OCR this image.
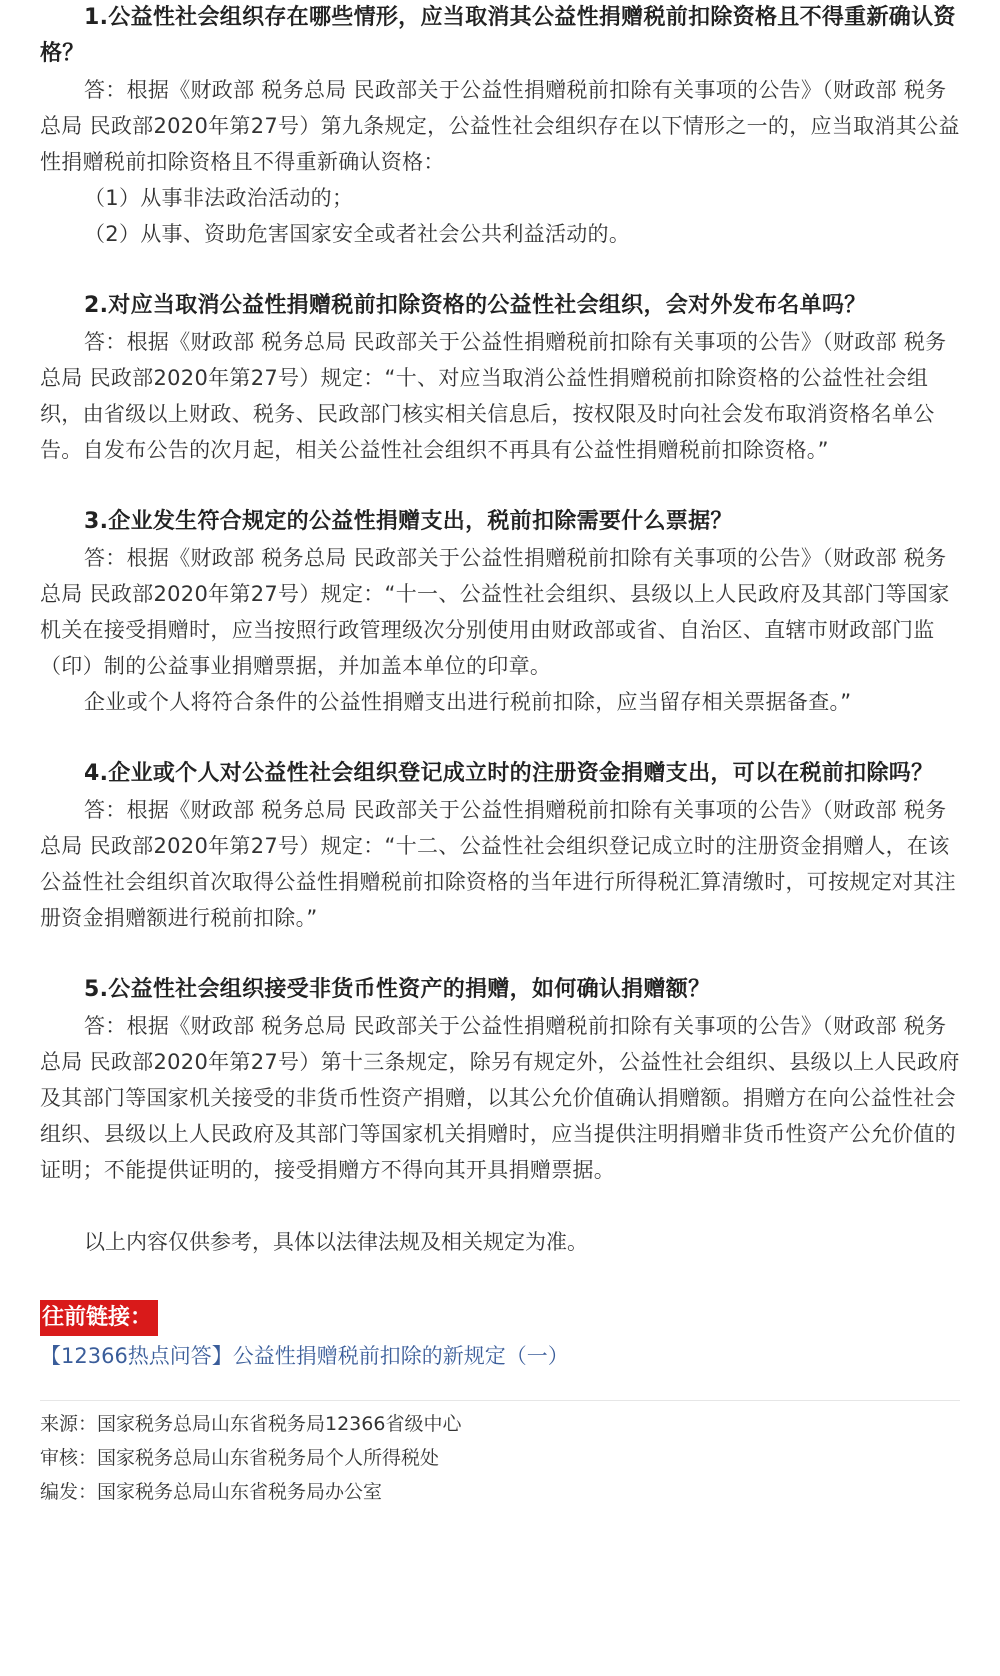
1.公益性社会组织存在哪些情形，应当取消其公益性捐赠税前扣除资格且不得重新确认资格？

答：根据《财政部 税务总局 民政部关于公益性捐赠税前扣除有关事项的公告》（财政部 税务总局 民政部2020年第27号）第九条规定，公益性社会组织存在以下情形之一的，应当取消其公益性捐赠税前扣除资格且不得重新确认资格：

（1）从事非法政治活动的；

（2）从事、资助危害国家安全或者社会公共利益活动的。

2.对应当取消公益性捐赠税前扣除资格的公益性社会组织，会对外发布名单吗？

答：根据《财政部 税务总局 民政部关于公益性捐赠税前扣除有关事项的公告》（财政部 税务总局 民政部2020年第27号）规定：“十、对应当取消公益性捐赠税前扣除资格的公益性社会组织，由省级以上财政、税务、民政部门核实相关信息后，按权限及时向社会发布取消资格名单公告。自发布公告的次月起，相关公益性社会组织不再具有公益性捐赠税前扣除资格。”

3.企业发生符合规定的公益性捐赠支出，税前扣除需要什么票据？

答：根据《财政部 税务总局 民政部关于公益性捐赠税前扣除有关事项的公告》（财政部 税务总局 民政部2020年第27号）规定：“十一、公益性社会组织、县级以上人民政府及其部门等国家机关在接受捐赠时，应当按照行政管理级次分别使用由财政部或省、自治区、直辖市财政部门监（印）制的公益事业捐赠票据，并加盖本单位的印章。

企业或个人将符合条件的公益性捐赠支出进行税前扣除，应当留存相关票据备查。”

4.企业或个人对公益性社会组织登记成立时的注册资金捐赠支出，可以在税前扣除吗？

答：根据《财政部 税务总局 民政部关于公益性捐赠税前扣除有关事项的公告》（财政部 税务总局 民政部2020年第27号）规定：“十二、公益性社会组织登记成立时的注册资金捐赠人，在该公益性社会组织首次取得公益性捐赠税前扣除资格的当年进行所得税汇算清缴时，可按规定对其注册资金捐赠额进行税前扣除。”

5.公益性社会组织接受非货币性资产的捐赠，如何确认捐赠额？

答：根据《财政部 税务总局 民政部关于公益性捐赠税前扣除有关事项的公告》（财政部 税务总局 民政部2020年第27号）第十三条规定，除另有规定外，公益性社会组织、县级以上人民政府及其部门等国家机关接受的非货币性资产捐赠，以其公允价值确认捐赠额。捐赠方在向公益性社会组织、县级以上人民政府及其部门等国家机关捐赠时，应当提供注明捐赠非货币性资产公允价值的证明；不能提供证明的，接受捐赠方不得向其开具捐赠票据。

以上内容仅供参考，具体以法律法规及相关规定为准。

往前链接：

【12366热点问答】公益性捐赠税前扣除的新规定（一）

来源：国家税务总局山东省税务局12366省级中心

审核：国家税务总局山东省税务局个人所得税处

编发：国家税务总局山东省税务局办公室
